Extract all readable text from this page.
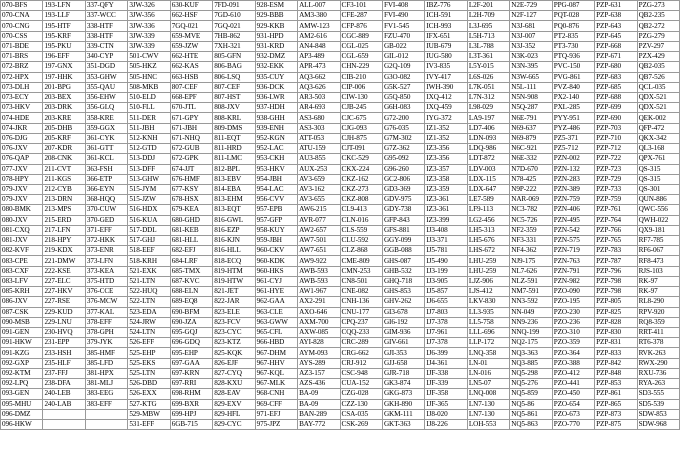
070-BFS	193-LFN	337-QFY	3JW-326	630-KUF	7FD-091	928-ESM	ALL-007	CF3-101	FVI-408	IBZ-776	L2F-201	N2E-729	PPG-087	PZP-631	PZG-273
070-CNA	193-LLF	337-WCC	3JW-356	662-HSF	7GD-610	929-BBB	AM3-380	CFE-287	FVI-490	ICH-591	L2H-709	N2F-127	PQT-028	PZP-638	QB2-235
070-CNG	195-HTF	338-HTF	3JW-336	7GQ-021	7GQ-021	929-KKB	AMW-123	CFP-876	FV1-545	ICH-993	L3J-695	N3J-681	PQ0-876	PZP-643	QB2-272
070-CSS	195-KRF	338-HTF	3JW-339	659-MVE	7HB-862	931-HPD	AM2-616	CGC-889	FZU-470	IFX-651	L5H-713	N3J-007	PT2-835	PZP-645	PZG-279
071-BDE	195-PKU	339-CTN	3JW-339	659-JZW	7XH-321	931-KRD	AN4-848	CGL-025	GB-022	IUB-679	L3L-788	N3J-352	PT3-730	PZP-668	PZV-297
071-BRS	196-EFF	340-CYP	501-CWV	662-HTE	805-GFN	932-DMZ	AP3-489	CGL-659	GIL-012	IUG-580	L3T-361	N3K-023	PTQ-936	PZP-671	PZX-429
072-BRZ	197-GNX	351-DGD	505-HKZ	662-KAS	806-BAG	932-EKK	APR-473	CHN-229	G2Q-109	IV3-835	L5Y-015	N3N-395	PVC-150	PZP-680	QB2-035
072-HPX	197-HHK	353-GHW	505-HNC	663-HSB	806-LSQ	935-CUY	AQ3-662	CIB-210	G3O-082	IVY-417	L6S-026	N3W-665	PVG-861	PZP-683	QB7-526
073-DLH	201-BPG	355-QAU	508-MKB	807-CEF	807-CEF	936-DCK	AQ3-626	CIP-006	G5K-527	IWH-390	L7K-051	N5L-111	PVZ-840	PZP-685	QCL-035
073-ECY	203-BEX	356-EHW	510-ELD	668-EPF	807-HST	936-LWR	AR3-503	CIW-130	G5Q-850	IXQ-412	L7N-312	N5N-908	PX2-140	PZP-688	QDX-521
073-HKV	203-DRK	356-GLQ	510-FLL	670-JTL	808-JXV	937-HDH	AR4-693	CJB-245	G6H-083	IXQ-459	L98-029	N5Q-287	PXL-285	PZP-699	QDX-521
074-HDE	203-KRE	358-KRE	511-DER	671-GPY	808-KRL	938-GHH	AS3-680	CJC-675	G72-200	IYG-372	LA9-197	N6E-791	PYY-951	PZP-690	QEK-002
074-JKR	205-DHB	359-GGX	511-JBH	671-JBH	809-DMS	939-ENH	AS3-303	CJG-093	G76-035	IZ1-352	LD7-406	N69-637	PYZ-486	PZP-703	QFP-472
076-DJG	205-KRF	361-CYK	512-KNH	671-NHQ	811-EQT	952-KGN	ATT-053	CJH-875	G7M-302	IZ1-352	LDN-093	N69-879	PZ5-371	PZP-710	QKX-342
076-JXV	207-KDR	361-GTT	512-GTD	672-GUB	811-HRD	952-LAC	ATU-159	CJT-091	G7Z-362	IZ3-356	LDQ-986	N6C-921	PZ5-712	PZP-712	QL3-168
076-QAP	208-CNK	361-KCL	513-DDJ	672-GPK	811-LMC	953-CKH	AU3-855	CKC-529	G95-092	IZ3-356	LDT-872	N6E-332	PZN-002	PZP-722	QPX-761
077-JXV	211-CVT	363-FSH	513-DFF	674-JJT	812-BPL	953-HKV	AUX-253	CKX-224	G96-260	IZ3-357	LDV-003	N7D-670	PZN-132	PZP-723	QS-315
078-HPY	211-KGS	366-ETP	513-GHW	676-HMF	813-EBV	954-JBH	AV3-659	CKZ-162	GC2-806	IZ3-358	LDX-115	N78-425	PZN-283	PZP-729	QS-315
079-JXV	212-CYB	366-EYN	515-JYM	677-KSY	814-EBA	954-LAC	AV3-162	CKZ-273	GD3-369	IZ3-359	LDX-647	N9P-222	PZN-389	PZP-733	QS-301
079-JXV	213-DRN	368-HQQ	515-JZW	678-HSX	813-EHM	956-CVV	AV3-655	CKZ-808	GDV-975	IZ3-361	LE7-589	NAR-069	PZN-759	PZP-759	QUN-886
080-BMK	213-MPS	370-CUW	516-HDX	679-KEA	813-EQT	957-EPB	AW6-215	CL9-413	GDY-738	IZ3-361	LF9-113	NC3-782	PZN-406	PZP-761	QWC-556
080-JXV	215-ERD	370-GED	516-KUA	680-GHD	816-GWL	957-GFP	AVR-077	CLN-016	GFP-843	IZ3-399	LG2-456	NC5-726	PZN-495	PZP-764	QWH-022
081-CXQ	217-LFN	371-EFF	517-DDL	681-KEB	816-EZP	958-KUY	AW2-657	CLS-559	GFS-881	IJ3-408	LH5-313	NF2-359	PZN-542	PZP-766	QX9-181
081-JXV	218-HPY	372-HKK	517-GHJ	681-HLL	816-KJN	959-JBH	AW7-501	CLU-592	GGY-099	IJ3-371	LH5-676	NF3-331	PZN-575	PZP-765	RF7-785
082-KVF	219-KDX	373-ENR	518-EEF	682-EFJ	816-HLL	960-CKV	AW7-651	CLZ-868	GGB-088	IJ5-781	LHS-672	NF4-362	PZN-719	PZP-783	RF6-067
083-CPE	221-DMW	373-LFN	518-KRH	684-LRF	818-ECQ	960-KDK	AW9-922	CME-809	GHS-087	IJ5-490	LHU-259	NJ9-175	PZN-763	PZP-787	RF8-473
083-CXF	222-KSE	373-KEA	521-EXK	685-TMX	819-HTM	960-HKS	AWB-593	CMN-253	GHB-532	IJ3-199	LHU-259	NL7-626	PZN-791	PZP-796	RJS-103
083-LFV	227-ELC	375-HTD	521-LTN	687-KVC	819-HTW	961-CYJ	AWB-593	CN8-501	GHQ-718	IJ3-905	LJZ-906	NLZ-591	PZN-982	PZP-798	RK-97
085-KRH	227-HKV	376-CCE	522-HUQ	688-ELN	821-JET	961-HYE	AW1-967	CNE-082	GHS-853	IJ5-857	LJS-412	NM7-591	PZO-090	PZP-798	RK-97
086-JXV	227-RSE	376-MCW	522-LTN	689-EQ8	822-JAR	962-GAA	AX2-291	CNH-136	GHV-262	IJ6-655	LKV-830	NN3-592	PZO-195	PZP-805	RL8-290
087-CSK	229-KUD	377-KAL	523-EDA	690-BFM	823-ELE	963-CLE	AXO-646	CNU-177	GI3-678	IJ7-803	LL3-935	NN-049	PZO-230	PZP-825	RPV-920
090-MSB	229-LNU	378-EFF	524-JRW	690-JZA	823-FCV	963-GWW	AXM-700	CPQ-237	GI6-192	IJ7-378	LL5-758	NN9-236	PZO-236	PZP-828	RQ8-359
091-GEN	230-HVQ	378-GPH	524-LTN	695-GQJ	823-CYC	965-CFL	AXW-085	CQQ-233	GIM-936	IJ7-961	LLL-696	NNQ-199	PZO-310	PZP-830	RRT-411
091-HKW	231-EPP	379-JYK	526-EFF	696-GDQ	823-KTZ	966-HBD	AYI-828	CRC-289	GIV-661	IJ7-378	LLP-172	NQ2-175	PZO-359	PZP-831	RT6-378
091-KZG	233-HSH	385-HMF	525-EHP	695-EHP	825-KQK	967-DHM	AYM-093	CRG-662	GJI-353	IJ6-399	LNQ-358	NQ3-363	PZO-364	PZP-833	RVK-263
092-GXP	235-HLF	385-LFD	525-EKS	697-GAA	826-EJF	967-HHV	AYS-289	CRJ-912	GJJ-658	IJ4-361	LN-01	NQ3-885	PZO-388	PZP-842	RWX-290
092-KTM	237-FFJ	381-HPX	525-LTN	697-KRN	827-CYQ	967-KQL	AZ3-157	CSC-948	GJR-718	IJF-338	LN-016	NQ5-298	PZO-412	PZP-848	RXU-736
092-LPQ	238-DFA	381-MLJ	526-DBD	697-RRI	828-KXU	967-MLK	AZS-436	CUA-152	GK3-874	IJF-339	LN5-07	NQ5-276	PZO-441	PZP-853	RYA-263
093-GEN	240-LEB	383-EEG	526-EXX	698-RHM	828-EAV	968-CNH	BA-09	CZG-028	GKG-873	IJF-358	LNQ-008	NQ5-859	PZO-450	PZP-861	SD3-555
095-MHU	240-LAB	383-EFF	527-KTG	699-BXR	829-EXV	969-CFF	BA-09	CZZ-130	GKH-890	IJF-365	LN7-130	NQ5-86	PZO-654	PZP-865	SD5-539
096-DMZ			529-MBW	699-HPJ	829-HFL	971-EFJ	BAN-289	CSA-035	GKM-111	IJ8-020	LN7-130	NQ5-861	PZO-673	PZP-873	SDW-853
096-HKW			531-EFF	6GB-715	829-CYC	975-JPZ	BAY-772	CSK-269	GKT-363	IJ8-226	LOH-553	NQ5-863	PZO-770	PZP-875	SDW-968
